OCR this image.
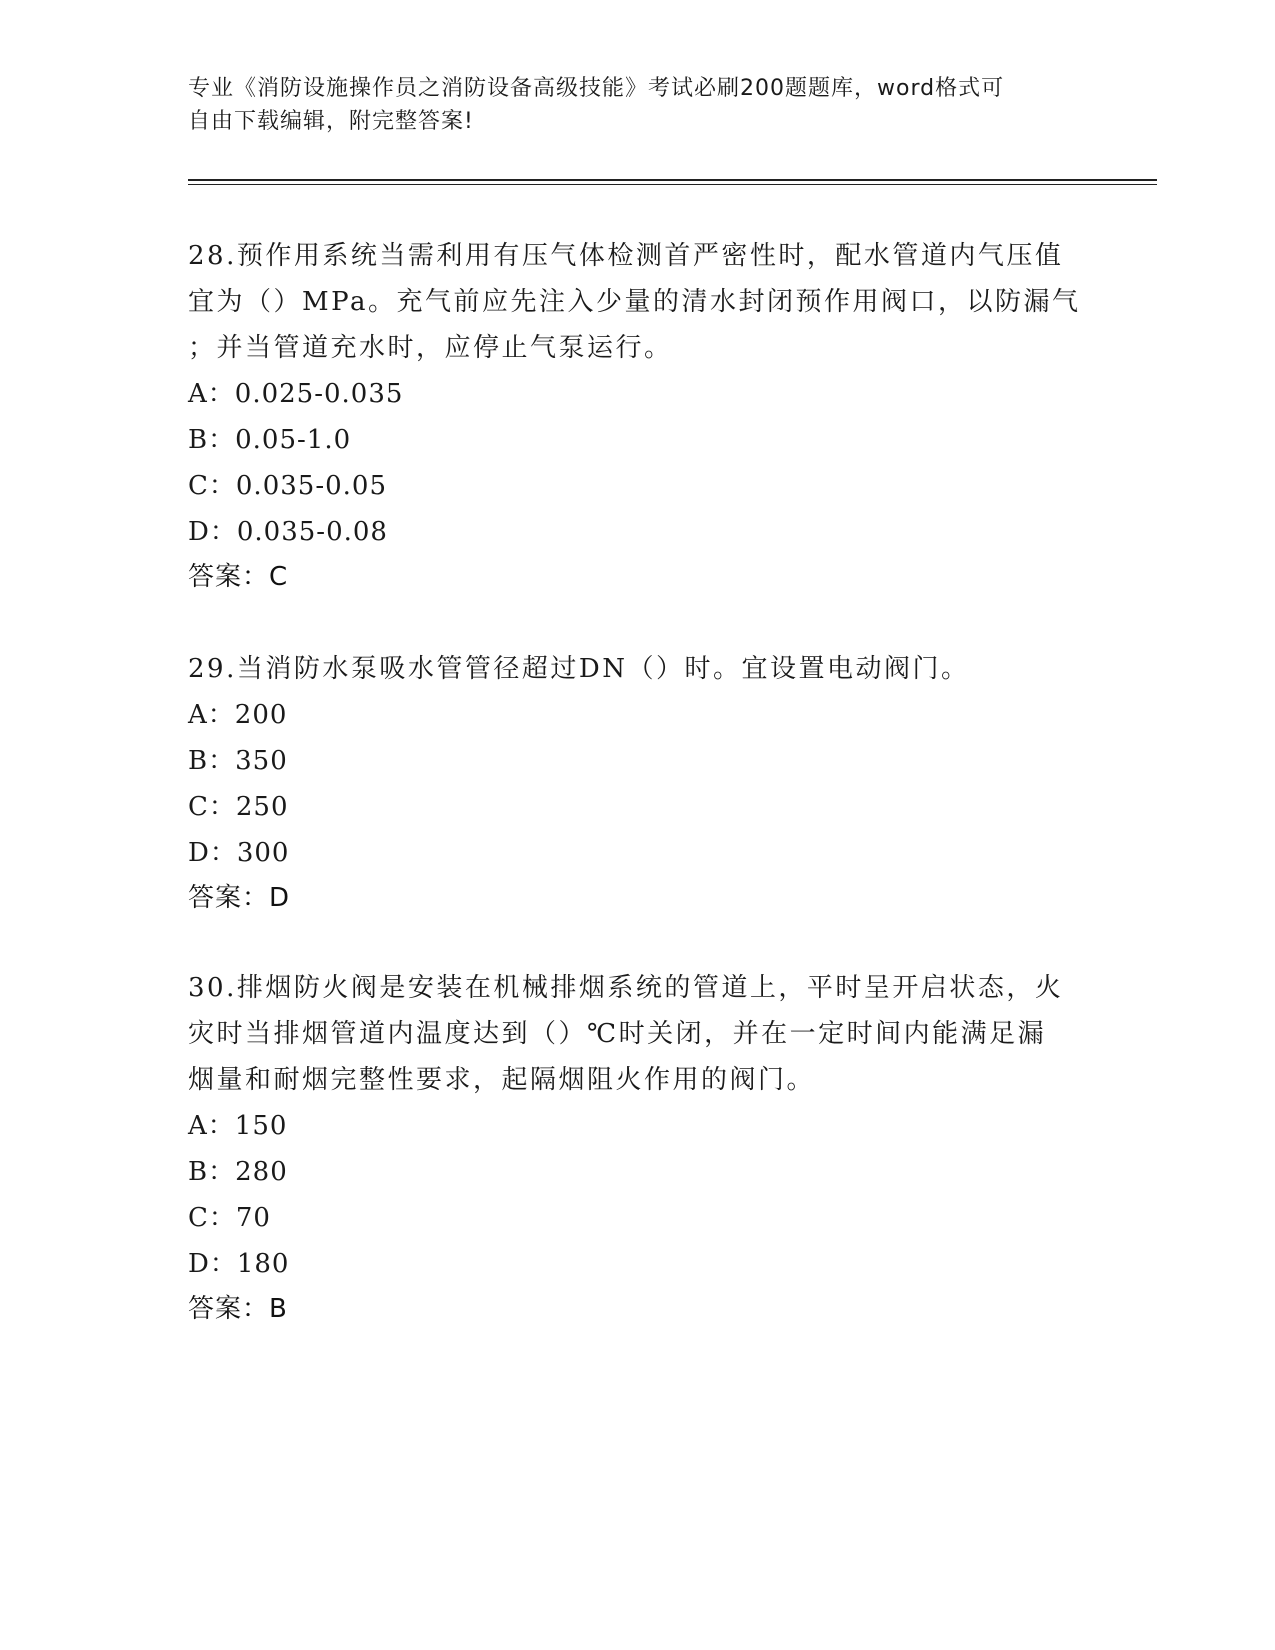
专业《消防设施操作员之消防设备高级技能》考试必刷200题题库，word格式可
自由下载编辑，附完整答案!

28.预作用系统当需利用有压气体检测首严密性时，配水管道内气压值

宜为（）MPa。充气前应先注入少量的清水封闭预作用阀口，以防漏气

；并当管道充水时，应停止气泵运行。

A：0.025-0.035

B：0.05-1.0

C：0.035-0.05

D：0.035-0.08

答案：C

29.当消防水泵吸水管管径超过DN（）时。宜设置电动阀门。

A：200

B：350

C：250

D：300

答案：D

30.排烟防火阀是安装在机械排烟系统的管道上，平时呈开启状态，火

灾时当排烟管道内温度达到（）℃时关闭，并在一定时间内能满足漏

烟量和耐烟完整性要求，起隔烟阻火作用的阀门。

A：150

B：280

C：70

D：180

答案：B
